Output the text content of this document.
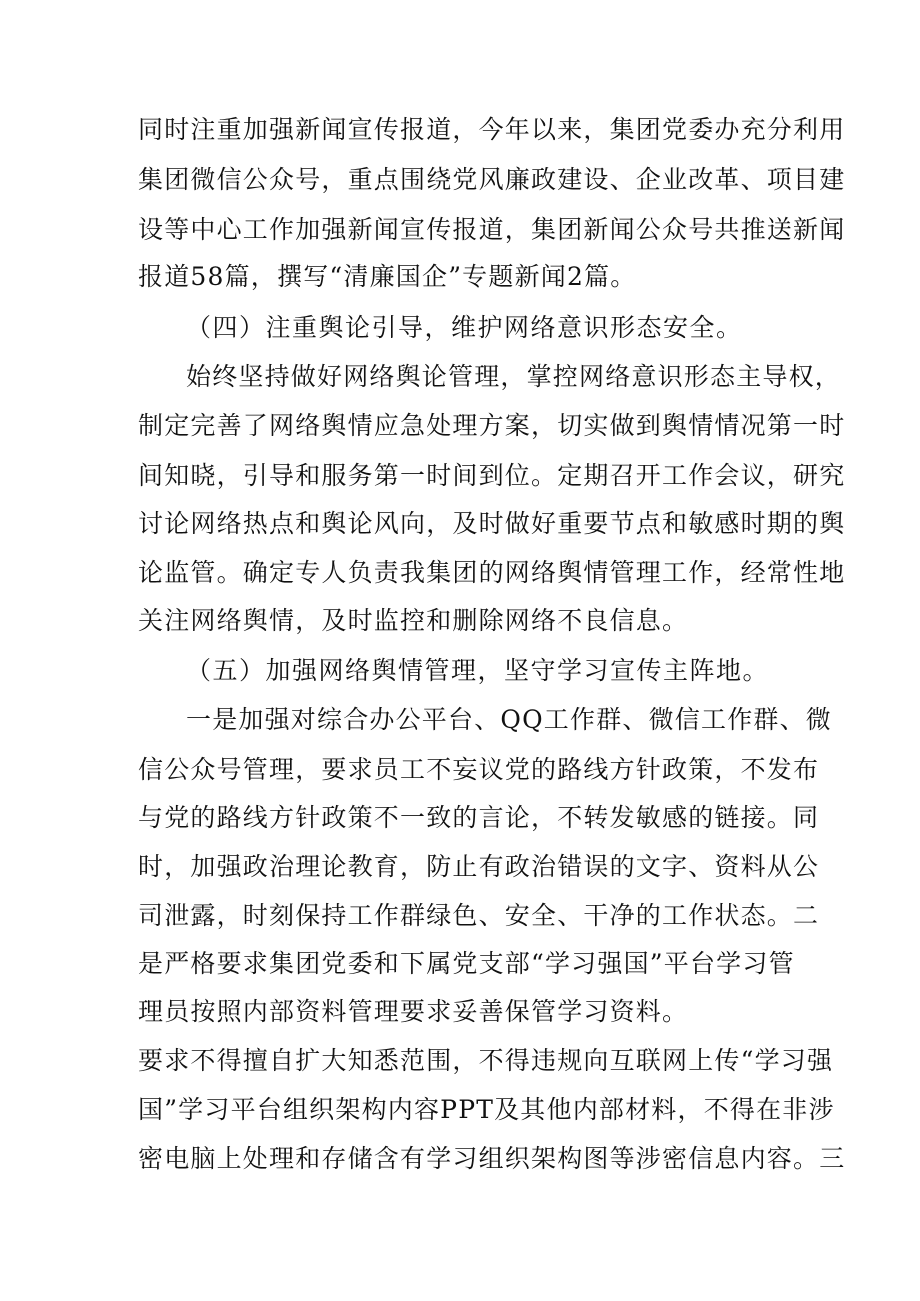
同时注重加强新闻宣传报道，今年以来，集团党委办充分利用
集团微信公众号，重点围绕党风廉政建设、企业改革、项目建
设等中心工作加强新闻宣传报道，集团新闻公众号共推送新闻
报道58篇，撰写“清廉国企”专题新闻2篇。
（四）注重舆论引导，维护网络意识形态安全。
始终坚持做好网络舆论管理，掌控网络意识形态主导权，
制定完善了网络舆情应急处理方案，切实做到舆情情况第一时
间知晓，引导和服务第一时间到位。定期召开工作会议，研究
讨论网络热点和舆论风向，及时做好重要节点和敏感时期的舆
论监管。确定专人负责我集团的网络舆情管理工作，经常性地
关注网络舆情，及时监控和删除网络不良信息。
（五）加强网络舆情管理，坚守学习宣传主阵地。
一是加强对综合办公平台、QQ工作群、微信工作群、微
信公众号管理，要求员工不妄议党的路线方针政策，不发布
与党的路线方针政策不一致的言论，不转发敏感的链接。同
时，加强政治理论教育，防止有政治错误的文字、资料从公
司泄露，时刻保持工作群绿色、安全、干净的工作状态。二
是严格要求集团党委和下属党支部“学习强国”平台学习管
理员按照内部资料管理要求妥善保管学习资料。
要求不得擅自扩大知悉范围，不得违规向互联网上传“学习强
国”学习平台组织架构内容PPT及其他内部材料，不得在非涉
密电脑上处理和存储含有学习组织架构图等涉密信息内容。三
